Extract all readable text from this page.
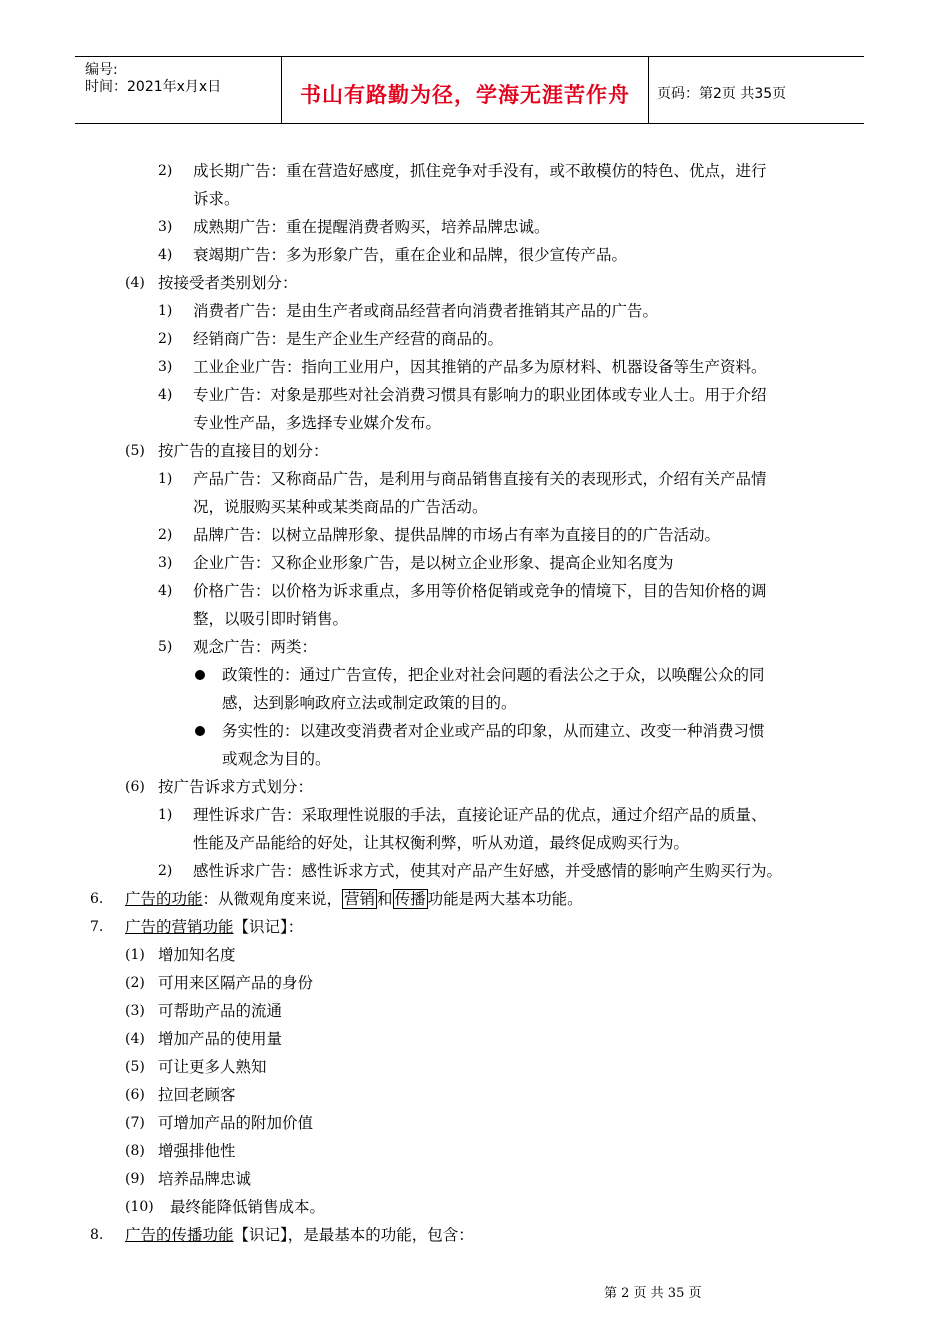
编号:
时间：2021年x月x日	书山有路勤为径，学海无涯苦作舟	页码：第2页 共35页
2) 成长期广告：重在营造好感度，抓住竞争对手没有，或不敢模仿的特色、优点，进行
诉求。
3) 成熟期广告：重在提醒消费者购买，培养品牌忠诚。
4) 衰竭期广告：多为形象广告，重在企业和品牌，很少宣传产品。
(4) 按接受者类别划分：
1) 消费者广告：是由生产者或商品经营者向消费者推销其产品的广告。
2) 经销商广告：是生产企业生产经营的商品的。
3) 工业企业广告：指向工业用户，因其推销的产品多为原材料、机器设备等生产资料。
4) 专业广告：对象是那些对社会消费习惯具有影响力的职业团体或专业人士。用于介绍
专业性产品，多选择专业媒介发布。
(5) 按广告的直接目的划分：
1) 产品广告：又称商品广告，是利用与商品销售直接有关的表现形式，介绍有关产品情
况，说服购买某种或某类商品的广告活动。
2) 品牌广告：以树立品牌形象、提供品牌的市场占有率为直接目的的广告活动。
3) 企业广告：又称企业形象广告，是以树立企业形象、提高企业知名度为
4) 价格广告：以价格为诉求重点，多用等价格促销或竞争的情境下，目的告知价格的调
整，以吸引即时销售。
5) 观念广告：两类：
政策性的：通过广告宣传，把企业对社会问题的看法公之于众，以唤醒公众的同
感，达到影响政府立法或制定政策的目的。
务实性的：以建改变消费者对企业或产品的印象，从而建立、改变一种消费习惯
或观念为目的。
(6) 按广告诉求方式划分：
1) 理性诉求广告：采取理性说服的手法，直接论证产品的优点，通过介绍产品的质量、
性能及产品能给的好处，让其权衡利弊，听从劝道，最终促成购买行为。
2) 感性诉求广告：感性诉求方式，使其对产品产生好感，并受感情的影响产生购买行为。
6. 广告的功能：从微观角度来说， 营销 和 传播 功能是两大基本功能。
7. 广告的营销功能【识记】：
(1) 增加知名度
(2) 可用来区隔产品的身份
(3) 可帮助产品的流通
(4) 增加产品的使用量
(5) 可让更多人熟知
(6) 拉回老顾客
(7) 可增加产品的附加价值
(8) 增强排他性
(9) 培养品牌忠诚
(10) 最终能降低销售成本。
8. 广告的传播功能【识记】，是最基本的功能，包含：
第 2 页 共 35 页
